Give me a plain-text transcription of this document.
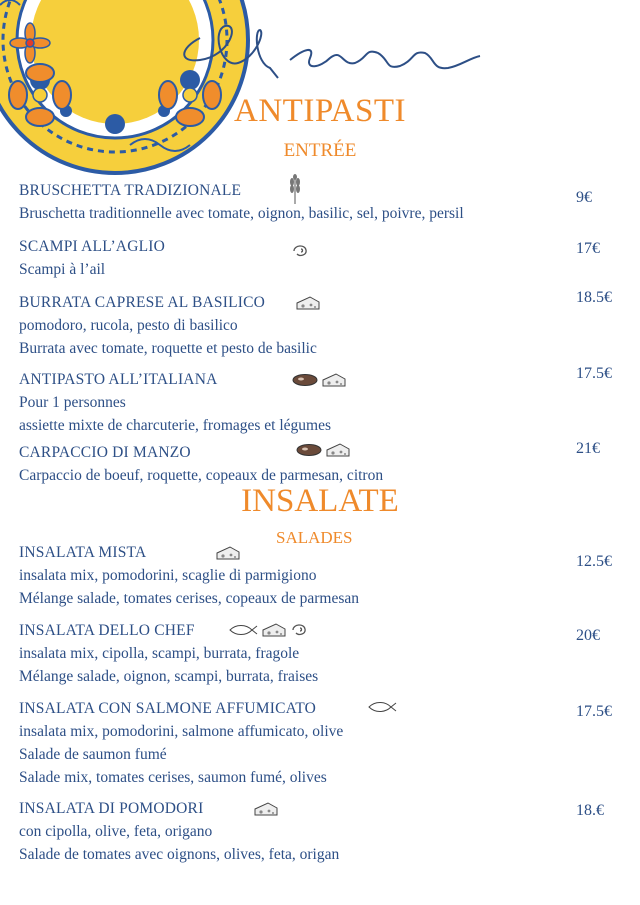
Menu
ANTIPASTI
ENTRÉE
BRUSCHETTA TRADIZIONALE
Bruschetta traditionnelle avec tomate, oignon, basilic, sel, poivre, persil
9€
SCAMPI ALL’AGLIO
Scampi à l’ail
17€
BURRATA CAPRESE AL BASILICO
pomodoro, rucola, pesto di basilico
Burrata avec tomate, roquette et pesto de basilic
18.5€
ANTIPASTO ALL’ITALIANA
Pour 1 personnes
assiette mixte de charcuterie, fromages et légumes
17.5€
CARPACCIO DI MANZO
Carpaccio de boeuf, roquette, copeaux de parmesan, citron
21€
INSALATE
SALADES
INSALATA MISTA
insalata mix, pomodorini, scaglie di parmigiono
Mélange salade, tomates cerises, copeaux de parmesan
12.5€
INSALATA DELLO CHEF
insalata mix, cipolla, scampi, burrata, fragole
Mélange salade, oignon, scampi, burrata, fraises
20€
INSALATA CON SALMONE AFFUMICATO
insalata mix, pomodorini, salmone affumicato, olive
Salade de saumon fumé
Salade mix, tomates cerises, saumon fumé, olives
17.5€
INSALATA DI POMODORI
con cipolla, olive, feta, origano
Salade de tomates avec oignons, olives, feta, origan
18.€
